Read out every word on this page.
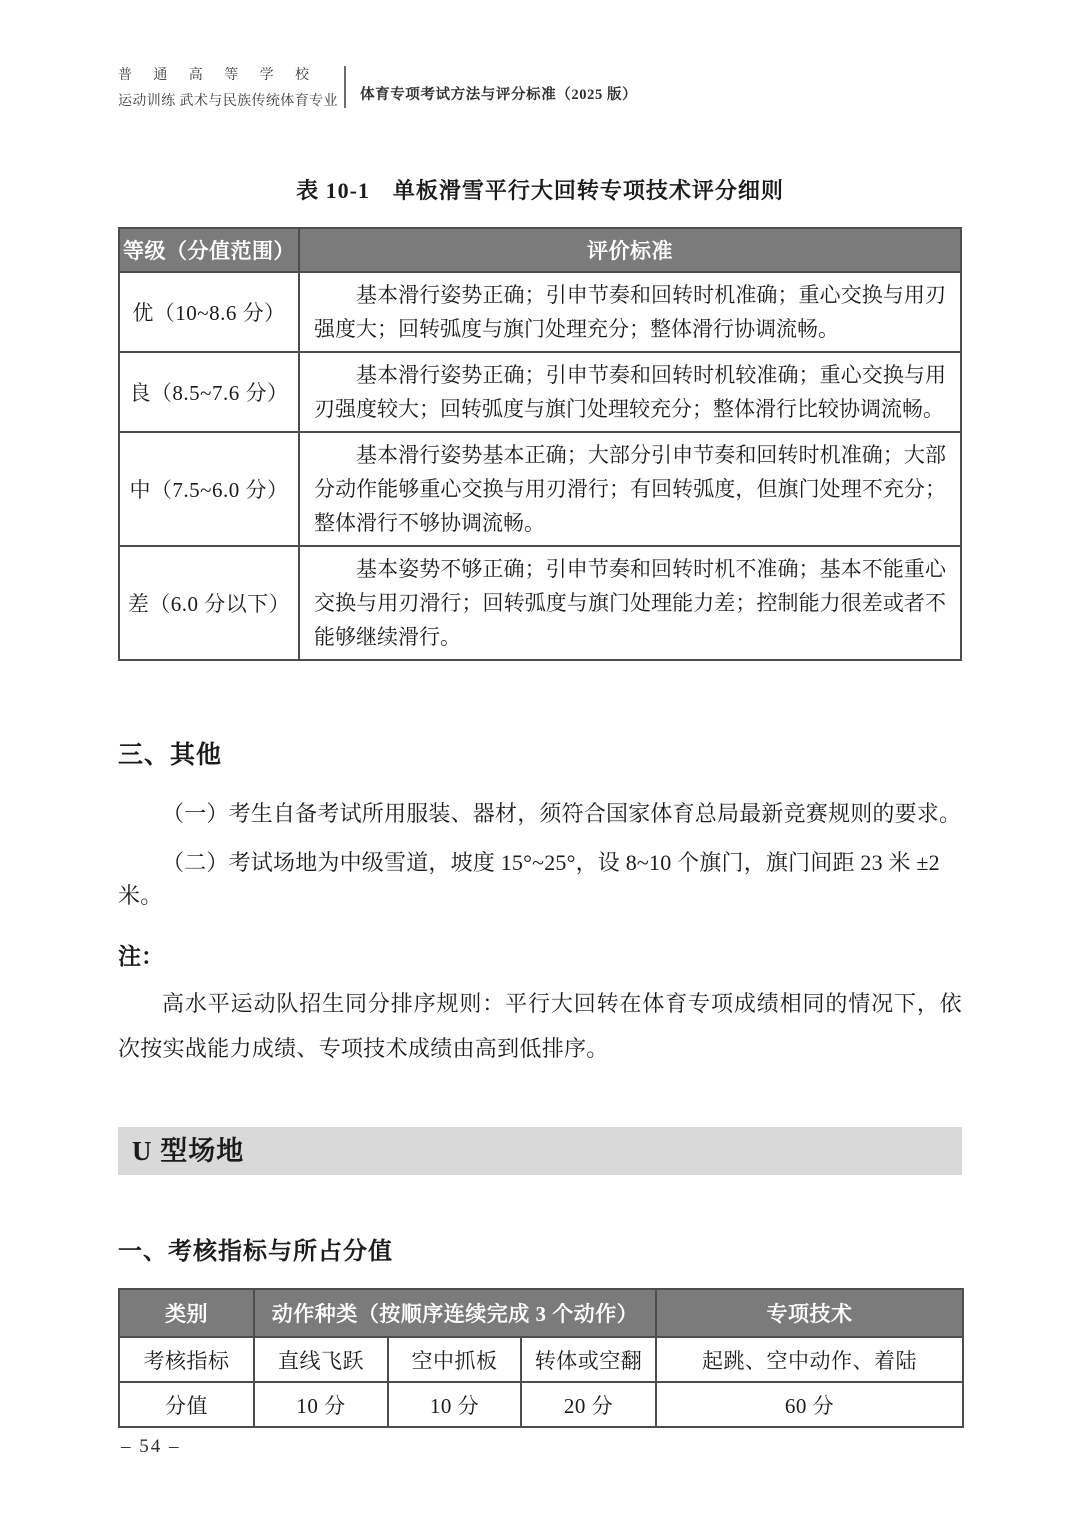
普通高等学校
运动训练 武术与民族传统体育专业	体育专项考试方法与评分标准（2025 版）
表 10-1　单板滑雪平行大回转专项技术评分细则
等级（分值范围）	评价标准
优（10~8.6 分）	基本滑行姿势正确；引申节奏和回转时机准确；重心交换与用刃强度大；回转弧度与旗门处理充分；整体滑行协调流畅。
良（8.5~7.6 分）	基本滑行姿势正确；引申节奏和回转时机较准确；重心交换与用刃强度较大；回转弧度与旗门处理较充分；整体滑行比较协调流畅。
中（7.5~6.0 分）	基本滑行姿势基本正确；大部分引申节奏和回转时机准确；大部分动作能够重心交换与用刃滑行；有回转弧度，但旗门处理不充分；整体滑行不够协调流畅。
差（6.0 分以下）	基本姿势不够正确；引申节奏和回转时机不准确；基本不能重心交换与用刃滑行；回转弧度与旗门处理能力差；控制能力很差或者不能够继续滑行。
三、其他

（一）考生自备考试所用服装、器材，须符合国家体育总局最新竞赛规则的要求。

（二）考试场地为中级雪道，坡度 15°~25°，设 8~10 个旗门，旗门间距 23 米 ±2 米。

注：

高水平运动队招生同分排序规则：平行大回转在体育专项成绩相同的情况下，依次按实战能力成绩、专项技术成绩由高到低排序。

U 型场地
一、考核指标与所占分值
类别	动作种类（按顺序连续完成 3 个动作）			专项技术
考核指标	直线飞跃	空中抓板	转体或空翻	起跳、空中动作、着陆
分值	10 分	10 分	20 分	60 分
– 54 –
